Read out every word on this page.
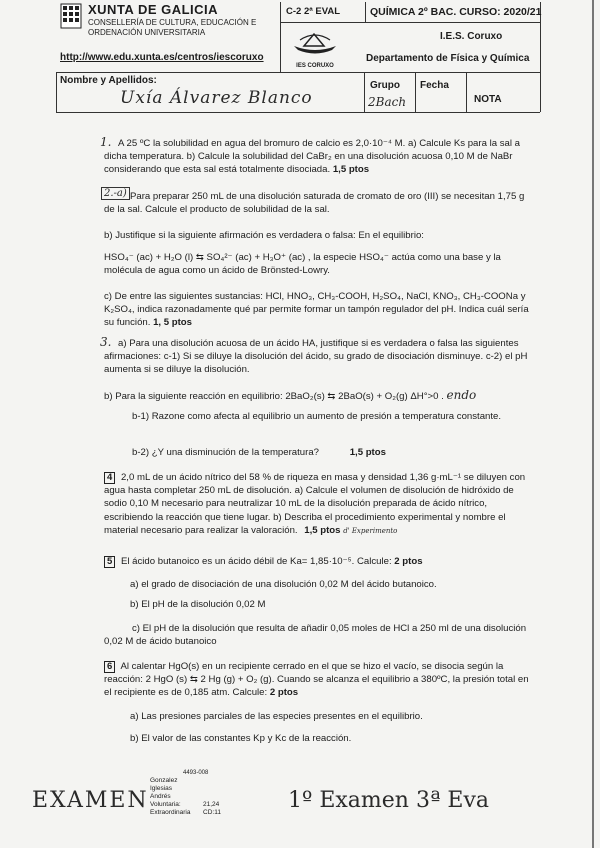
XUNTA DE GALICIA
CONSELLERÍA DE CULTURA, EDUCACIÓN E ORDENACIÓN UNIVERSITARIA
http://www.edu.xunta.es/centros/iescoruxo
C-2 2ª EVAL	QUÍMICA 2º BAC. CURSO: 2020/21
IES CORUXO
I.E.S. Coruxo
Departamento de Física y Química
Nombre y Apellidos:
Uxía Álvarez Blanco
Grupo
2Bach
Fecha
NOTA
1. A 25 ºC la solubilidad en agua del bromuro de calcio es 2,0·10⁻⁴ M. a) Calcule Ks para la sal a dicha temperatura. b) Calcule la solubilidad del CaBr₂ en una disolución acuosa 0,10 M de NaBr considerando que esta sal está totalmente disociada. 1,5 ptos
2.-a) Para preparar 250 mL de una disolución saturada de cromato de oro (III) se necesitan 1,75 g de la sal. Calcule el producto de solubilidad de la sal.
b) Justifique si la siguiente afirmación es verdadera o falsa: En el equilibrio:
HSO₄⁻ (ac) + H₂O (l) ⇆ SO₄²⁻ (ac) + H₃O⁺ (ac) , la especie HSO₄⁻ actúa como una base y la molécula de agua como un ácido de Brönsted-Lowry.
c) De entre las siguientes sustancias: HCl, HNO₃, CH₃-COOH, H₂SO₄, NaCl, KNO₃, CH₃-COONa y K₂SO₄, indica razonadamente qué par permite formar un tampón regulador del pH. Indica cuál sería su función. 1, 5 ptos
3. a) Para una disolución acuosa de un ácido HA, justifique si es verdadera o falsa las siguientes afirmaciones: c-1) Si se diluye la disolución del ácido, su grado de disociación disminuye. c-2) el pH aumenta si se diluye la disolución.
b) Para la siguiente reacción en equilibrio: 2BaO₂(s) ⇆ 2BaO(s) + O₂(g) ΔH°>0 . endo
b-1) Razone como afecta al equilibrio un aumento de presión a temperatura constante.
b-2) ¿Y una disminución de la temperatura?	1,5 ptos
4 2,0 mL de un ácido nítrico del 58 % de riqueza en masa y densidad 1,36 g·mL⁻¹ se diluyen con agua hasta completar 250 mL de disolución. a) Calcule el volumen de disolución de hidróxido de sodio 0,10 M necesario para neutralizar 10 mL de la disolución preparada de ácido nítrico, escribiendo la reacción que tiene lugar. b) Describa el procedimiento experimental y nombre el material necesario para realizar la valoración. 1,5 ptos d' Experimento
5 El ácido butanoico es un ácido débil de Ka= 1,85·10⁻⁵. Calcule: 2 ptos
a) el grado de disociación de una disolución 0,02 M del ácido butanoico.
b) El pH de la disolución 0,02 M
c) El pH de la disolución que resulta de añadir 0,05 moles de HCl a 250 ml de una disolución 0,02 M de ácido butanoico
6 Al calentar HgO(s) en un recipiente cerrado en el que se hizo el vacío, se disocia según la reacción: 2 HgO (s) ⇆ 2 Hg (g) + O₂ (g). Cuando se alcanza el equilibrio a 380ºC, la presión total en el recipiente es de 0,185 atm. Calcule: 2 ptos
a) Las presiones parciales de las especies presentes en el equilibrio.
b) El valor de las constantes Kp y Kc de la reacción.
EXAMEN
4493-008
Gonzalez
Iglesias
Andrés
Voluntaria:
Extraordinaria
21,24
CD:11	1º Examen 3ª Eva
